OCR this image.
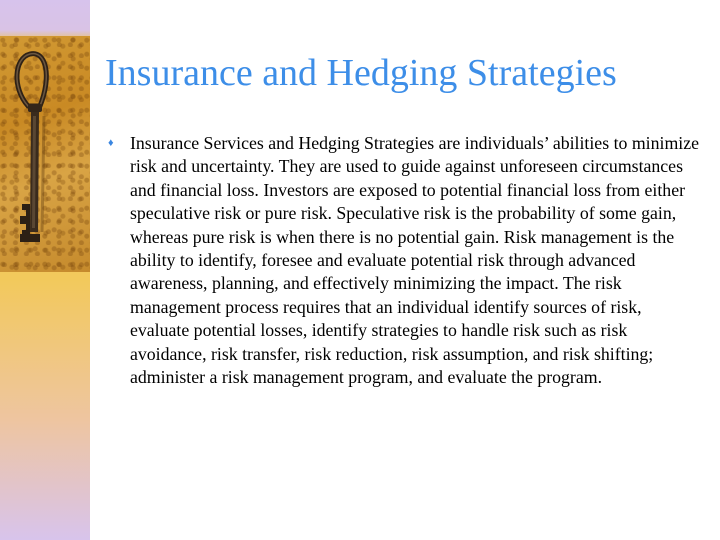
Insurance and Hedging Strategies
♦ Insurance Services and Hedging Strategies are individuals’ abilities to minimize risk and uncertainty. They are used to guide against unforeseen circumstances and financial loss. Investors are exposed to potential financial loss from either speculative risk or pure risk. Speculative risk is the probability of some gain, whereas pure risk is when there is no potential gain. Risk management is the ability to identify, foresee and evaluate potential risk through advanced awareness, planning, and effectively minimizing the impact. The risk management process requires that an individual identify sources of risk, evaluate potential losses, identify strategies to handle risk such as risk avoidance, risk transfer, risk reduction, risk assumption, and risk shifting; administer a risk management program, and evaluate the program.
